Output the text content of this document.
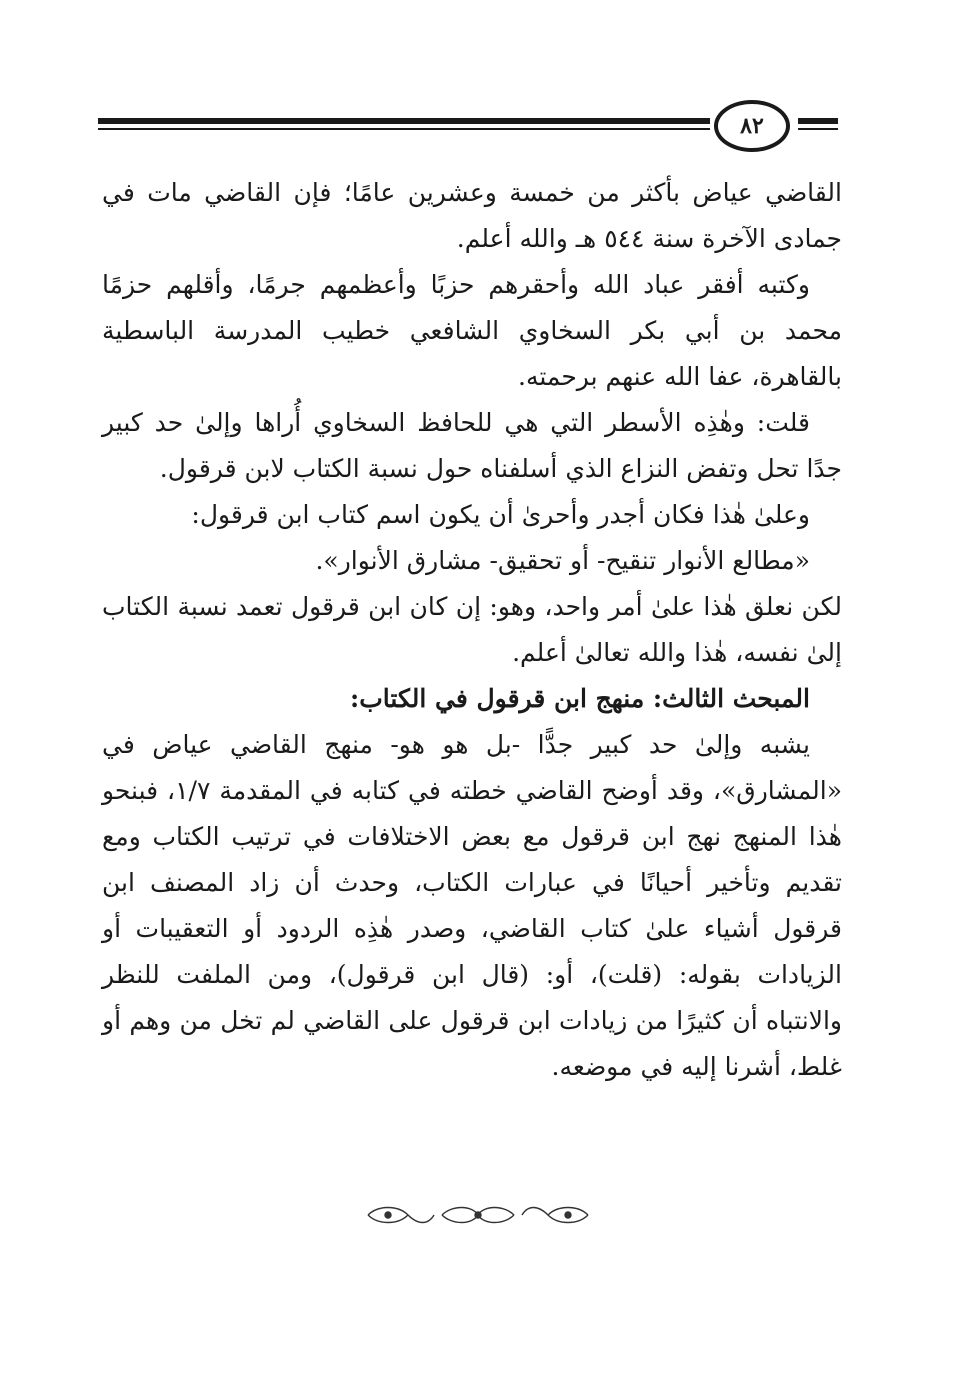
٨٢

القاضي عياض بأكثر من خمسة وعشرين عامًا؛ فإن القاضي مات في جمادى الآخرة سنة ٥٤٤ هـ والله أعلم.

وكتبه أفقر عباد الله وأحقرهم حزبًا وأعظمهم جرمًا، وأقلهم حزمًا محمد بن أبي بكر السخاوي الشافعي خطيب المدرسة الباسطية بالقاهرة، عفا الله عنهم برحمته.

قلت: وهٰذِه الأسطر التي هي للحافظ السخاوي أُراها وإلىٰ حد كبير جدًا تحل وتفض النزاع الذي أسلفناه حول نسبة الكتاب لابن قرقول.

وعلىٰ هٰذا فكان أجدر وأحرىٰ أن يكون اسم كتاب ابن قرقول:

«مطالع الأنوار تنقيح- أو تحقيق- مشارق الأنوار».

لكن نعلق هٰذا علىٰ أمر واحد، وهو: إن كان ابن قرقول تعمد نسبة الكتاب إلىٰ نفسه، هٰذا والله تعالىٰ أعلم.

المبحث الثالث: منهج ابن قرقول في الكتاب:

يشبه وإلىٰ حد كبير جدًّا -بل هو هو- منهج القاضي عياض في «المشارق»، وقد أوضح القاضي خطته في كتابه في المقدمة ١/٧، فبنحو هٰذا المنهج نهج ابن قرقول مع بعض الاختلافات في ترتيب الكتاب ومع تقديم وتأخير أحيانًا في عبارات الكتاب، وحدث أن زاد المصنف ابن قرقول أشياء علىٰ كتاب القاضي، وصدر هٰذِه الردود أو التعقيبات أو الزيادات بقوله: (قلت)، أو: (قال ابن قرقول)، ومن الملفت للنظر والانتباه أن كثيرًا من زيادات ابن قرقول على القاضي لم تخل من وهم أو غلط، أشرنا إليه في موضعه.
